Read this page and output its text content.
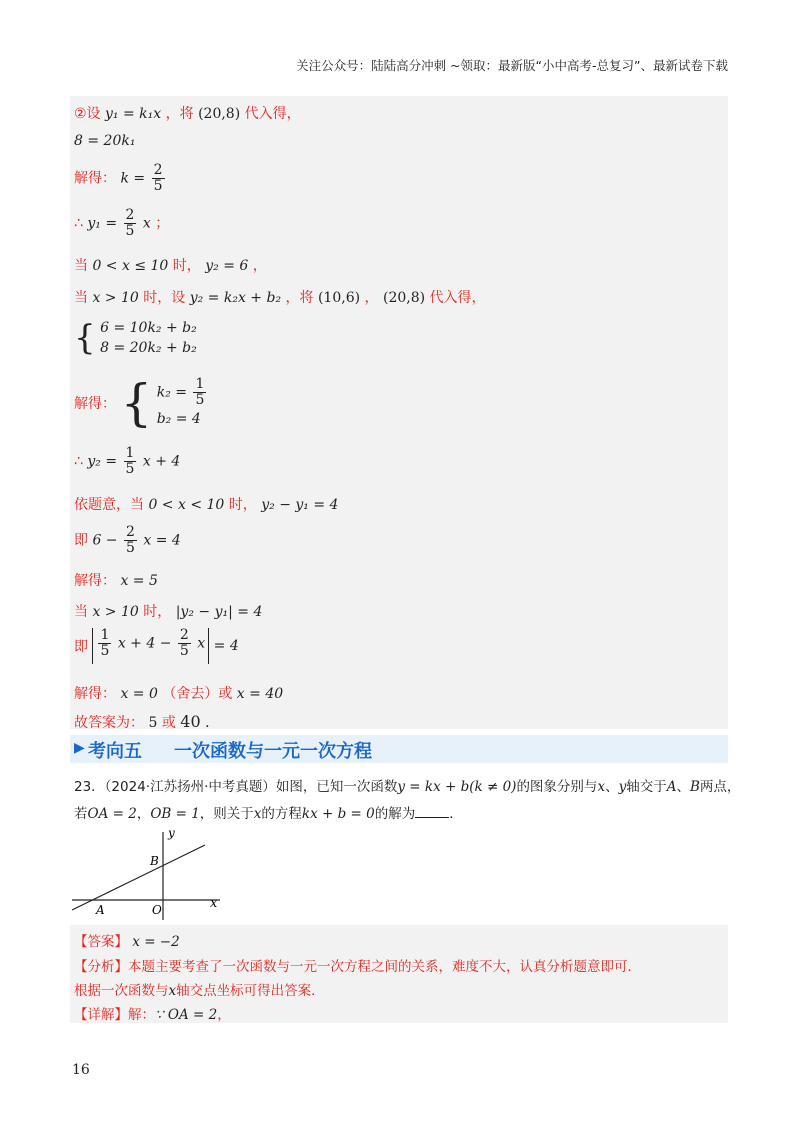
关注公众号：陆陆高分冲刺 ~领取：最新版“小中高考-总复习”、最新试卷下载
②设 y₁ = k₁x ，将 (20,8) 代入得，
8 = 20k₁
解得： $k = \frac{2}{5}$
∴ $y_1 = \frac{2}{5}$ x ；
当 0 < x ≤ 10 时， y₂ = 6 ，
当 x > 10 时，设 y₂ = k₂x + b₂ ，将 (10,6) ， (20,8) 代入得，
{ 6 = 10k₂ + b₂
8 = 20k₂ + b₂
解得： { $k_2 = \frac{1}{5}$
b₂ = 4
∴ $y_2 = \frac{1}{5}$ x + 4
依题意，当 0 < x < 10 时， y₂ − y₁ = 4
即 $6 - \frac{2}{5}$ x = 4
解得： x = 5
当 x > 10 时， |y₂ − y₁| = 4
即 $\frac{1}{5}$ $x + 4 - \frac{2}{5}$ x = 4
解得： x = 0 （舍去）或 x = 40
故答案为： 5 或 40 ．
▶ 考向五 一次函数与一元一次方程
23．（2024·江苏扬州·中考真题）如图，已知一次函数y = kx + b(k ≠ 0)的图象分别与x、y轴交于A、B两点，
若OA = 2，OB = 1，则关于x的方程kx + b = 0的解为	．
y
x
B
A	O
【答案】 x = −2
【分析】本题主要考查了一次函数与一元一次方程之间的关系，难度不大，认真分析题意即可．
根据一次函数与x轴交点坐标可得出答案．
【详解】解：∵ OA = 2，
16
